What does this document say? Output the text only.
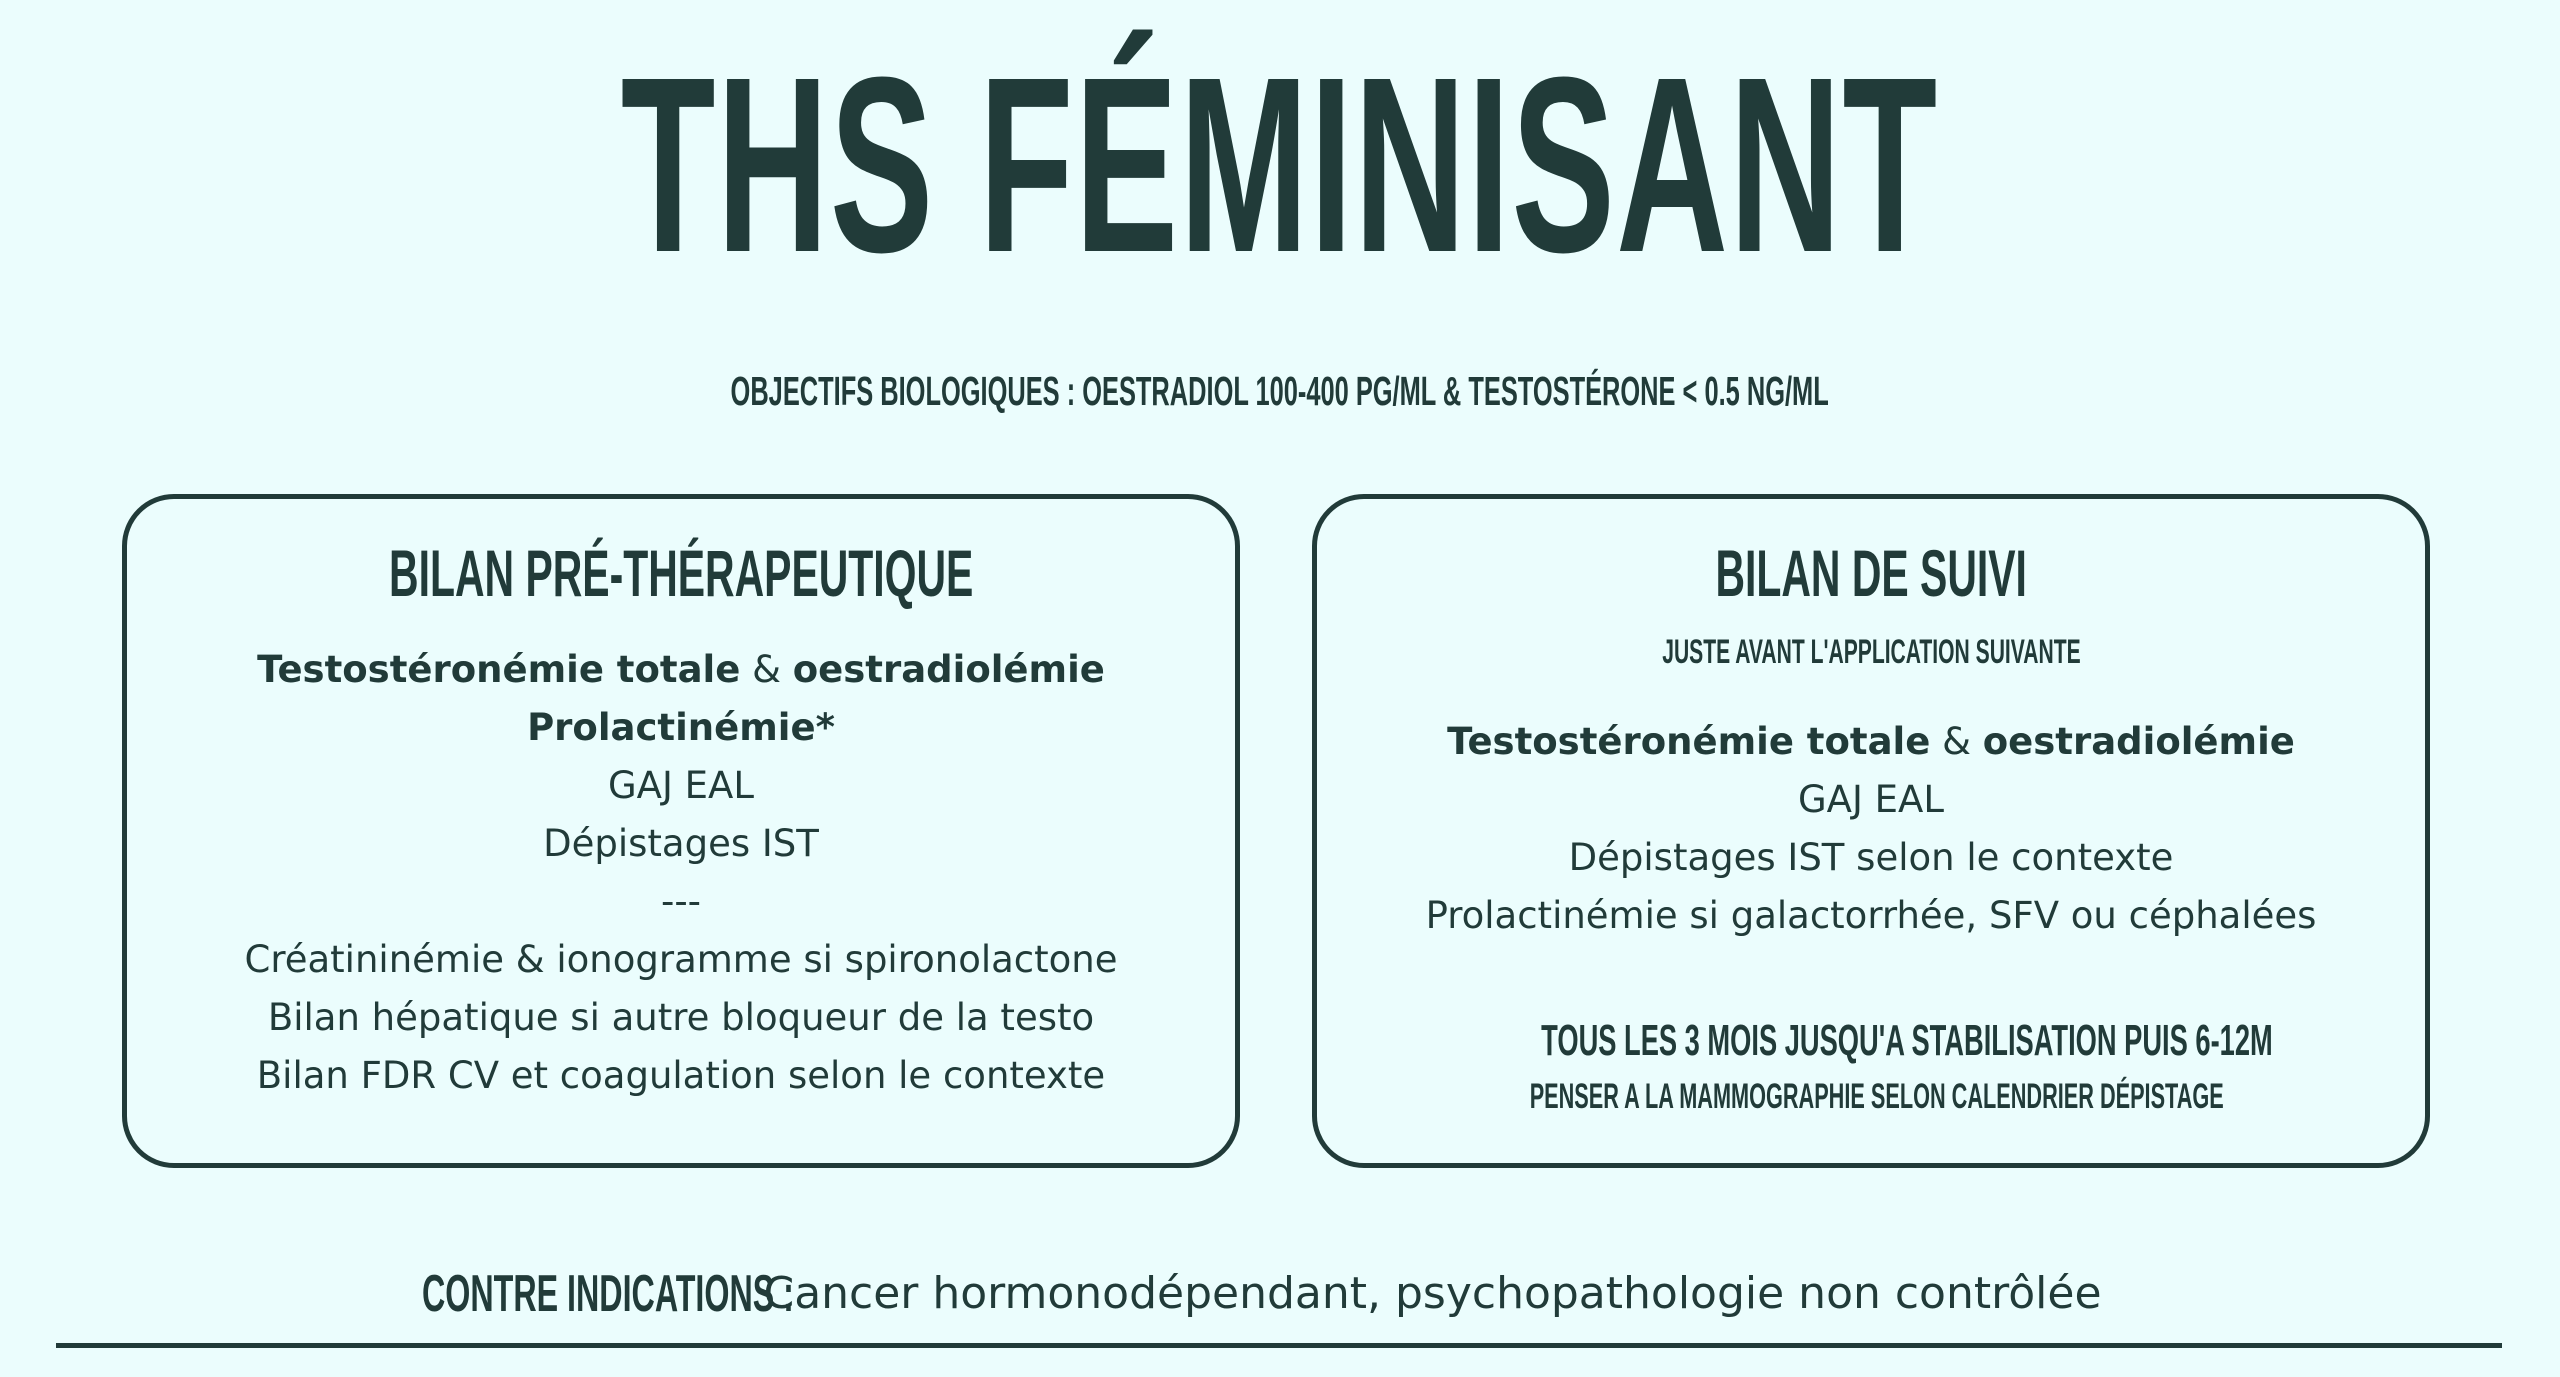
THS FÉMINISANT
OBJECTIFS BIOLOGIQUES : OESTRADIOL 100-400 PG/ML & TESTOSTÉRONE < 0.5 NG/ML
BILAN PRÉ-THÉRAPEUTIQUE
Testostéronémie totale & oestradiolémie
Prolactinémie*
GAJ EAL
Dépistages IST
---
Créatininémie & ionogramme si spironolactone
Bilan hépatique si autre bloqueur de la testo
Bilan FDR CV et coagulation selon le contexte
BILAN DE SUIVI
JUSTE AVANT L'APPLICATION SUIVANTE
Testostéronémie totale & oestradiolémie
GAJ EAL
Dépistages IST selon le contexte
Prolactinémie si galactorrhée, SFV ou céphalées
TOUS LES 3 MOIS JUSQU'A STABILISATION PUIS 6-12M
PENSER A LA MAMMOGRAPHIE SELON CALENDRIER DÉPISTAGE
CONTRE INDICATIONS : Cancer hormonodépendant, psychopathologie non contrôlée
